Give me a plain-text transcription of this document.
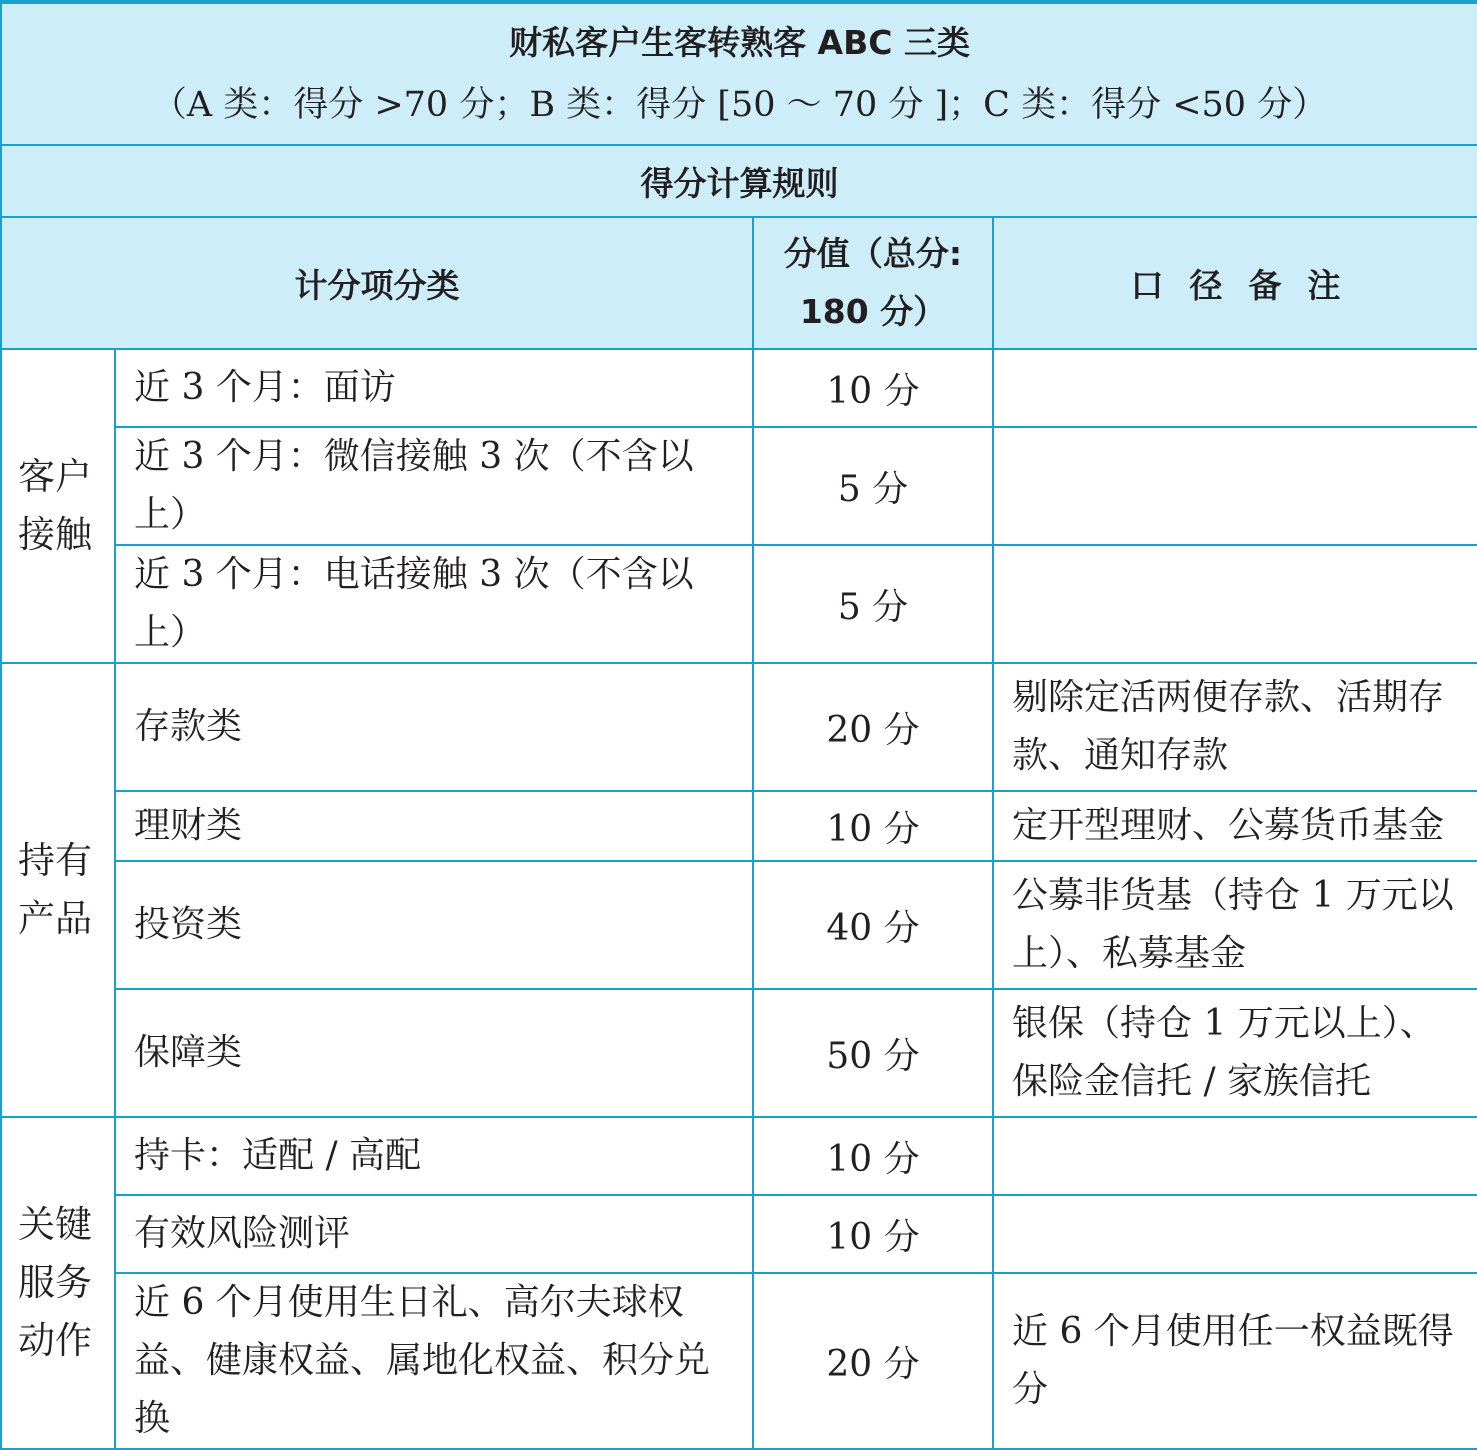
财私客户生客转熟客 ABC 三类
（A 类：得分 >70 分；B 类：得分 [50 ～ 70 分 ]；C 类：得分 <50 分）			

得分计算规则			
计分项分类		分值（总分:
180 分）	口径备注
客户接触	近 3 个月：面访	10 分	
	近 3 个月：微信接触 3 次（不含以上）	5 分	
	近 3 个月：电话接触 3 次（不含以上）	5 分	
持有产品	存款类	20 分	剔除定活两便存款、活期存款、通知存款
	理财类	10 分	定开型理财、公募货币基金
	投资类	40 分	公募非货基（持仓 1 万元以上）、私募基金
	保障类	50 分	银保（持仓 1 万元以上）、保险金信托 / 家族信托
关键服务动作	持卡：适配 / 高配	10 分	
	有效风险测评	10 分	
	近 6 个月使用生日礼、高尔夫球权益、健康权益、属地化权益、积分兑换	20 分	近 6 个月使用任一权益既得分
